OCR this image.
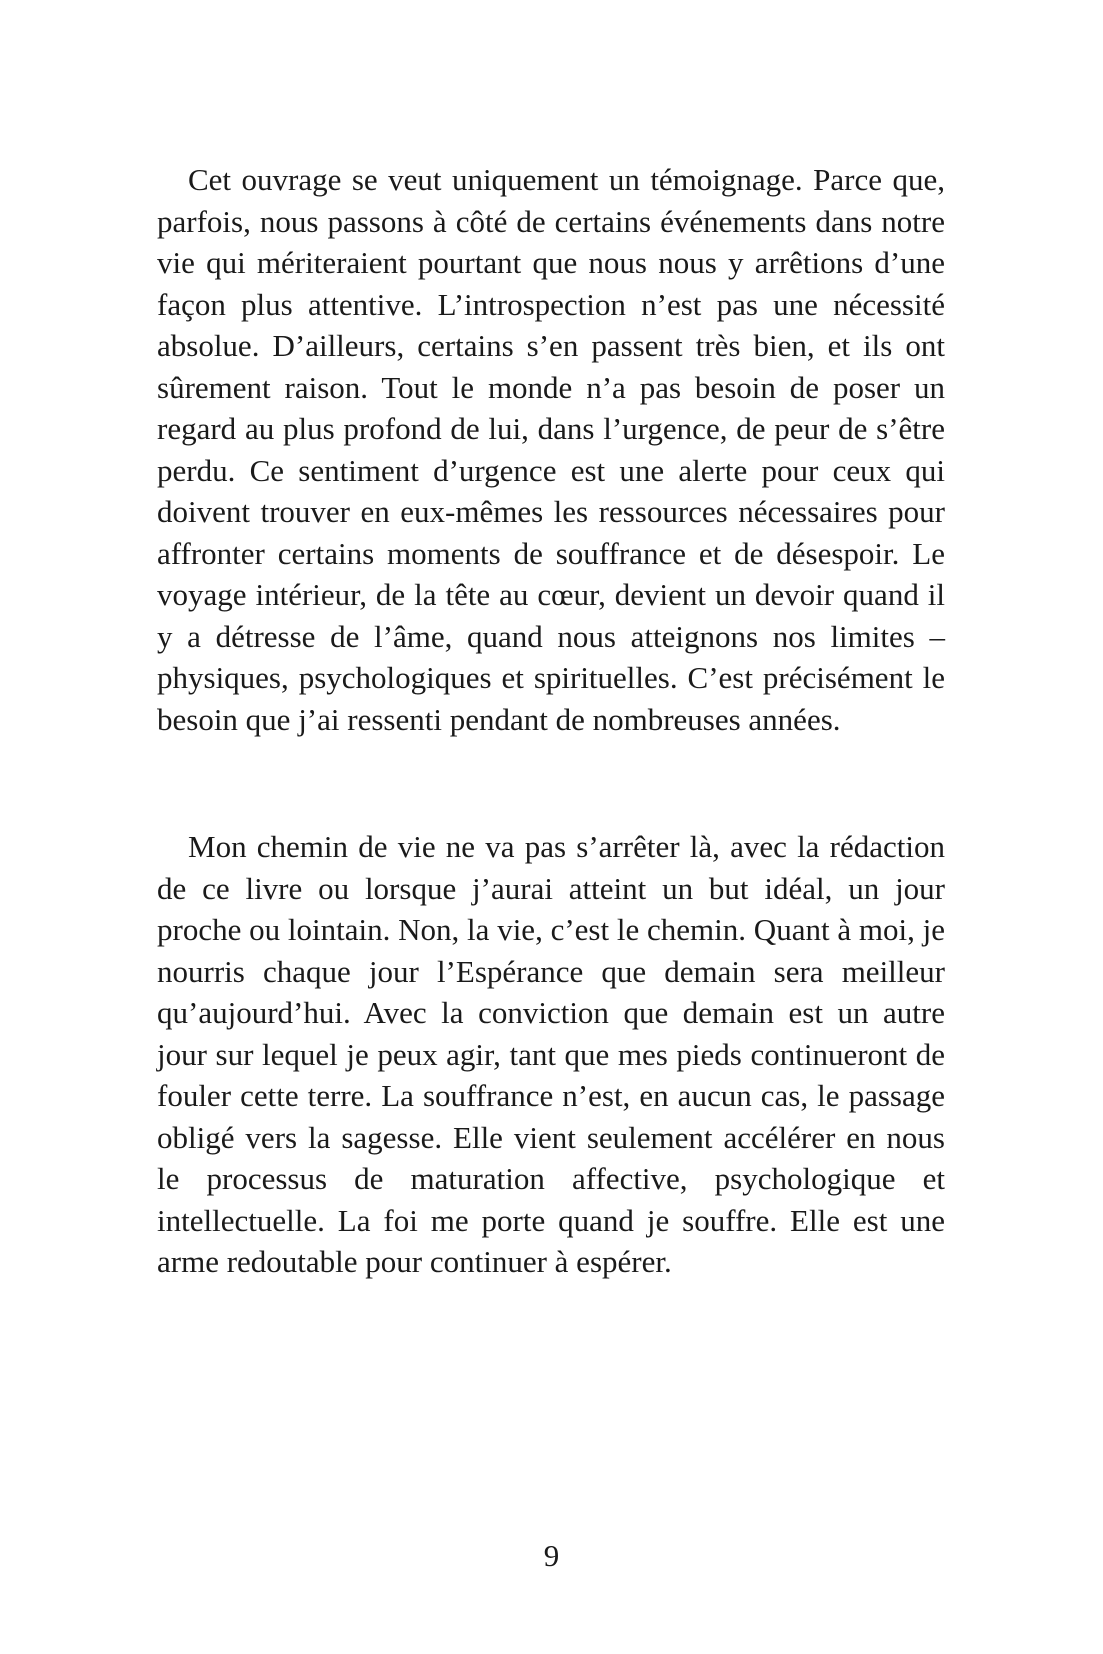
Cet ouvrage se veut uniquement un témoignage. Parce que, parfois, nous passons à côté de certains événements dans notre vie qui mériteraient pourtant que nous nous y arrêtions d’une façon plus attentive. L’introspection n’est pas une nécessité absolue. D’ailleurs, certains s’en passent très bien, et ils ont sûrement raison. Tout le monde n’a pas besoin de poser un regard au plus profond de lui, dans l’urgence, de peur de s’être perdu. Ce sentiment d’urgence est une alerte pour ceux qui doivent trouver en eux-mêmes les ressources nécessaires pour affronter certains moments de souffrance et de désespoir. Le voyage intérieur, de la tête au cœur, devient un devoir quand il y a détresse de l’âme, quand nous atteignons nos limites – physiques, psychologiques et spirituelles. C’est précisément le besoin que j’ai ressenti pendant de nombreuses années.

Mon chemin de vie ne va pas s’arrêter là, avec la rédaction de ce livre ou lorsque j’aurai atteint un but idéal, un jour proche ou lointain. Non, la vie, c’est le chemin. Quant à moi, je nourris chaque jour l’Espérance que demain sera meilleur qu’aujourd’hui. Avec la conviction que demain est un autre jour sur lequel je peux agir, tant que mes pieds continueront de fouler cette terre. La souffrance n’est, en aucun cas, le passage obligé vers la sagesse. Elle vient seulement accélérer en nous le processus de maturation affective, psychologique et intellectuelle. La foi me porte quand je souffre. Elle est une arme redoutable pour continuer à espérer.

9
